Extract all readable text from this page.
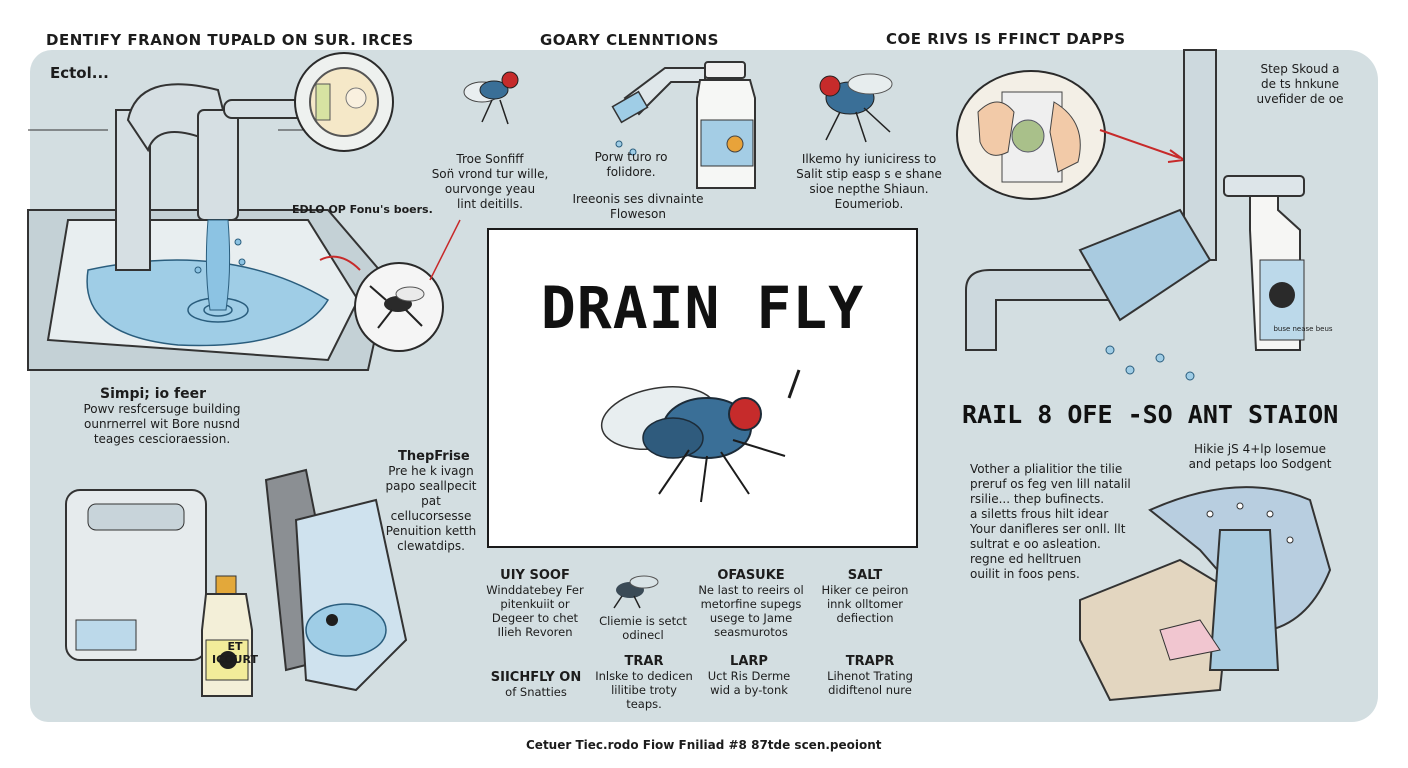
DENTIFY FRANON TUPALD ON SUR. IRCES	GOARY CLENNTIONS	COE RIVS IS FFINCT DAPPS
Ectol...
buse nease beus
Troe Sonfiff
Son̈ vrond tur wille,
ourvonge yeau
lint deitills.
EDLO OP Fonu's boers.
Porw turo ro
folidore.
Ireeonis ses divnainte
Floweson
Ilkemo hy iuniciress to
Salit stip easp s e shane
sioe nepthe Shiaun.
Eoumeriob.
Step Skoud a
de ts hnkune
uvefider de oe
Simpi; io feer
Powv resfcersuge building
ounrnerrel wit Bore nusnd
teages cescioraession.
ThepFrise
Pre he k ivagn
papo seallpecit pat
cellucorsesse
Penuition ketth
clewatdips.
DRAIN FLY
RAIL 8 OFE -SO ANT STAION
Hikie jS 4+lp losemue
and petaps loo Sodgent
Vother a plialitior the tilie
preruf os feg ven lill natalil
rsilie... thep bufinects.
a siletts frous hilt idear
Your danifleres ser onll. llt
sultrat e oo asleation.
regne ed helltruen
ouilit in foos pens.
ET ICOURT
UIY SOOF
Winddatebey Fer
pitenkuiit or
Degeer to chet
Ilieh Revoren
Cliemie is setct
odinecl
OFASUKE
Ne last to reeirs ol
metorfine supegs
usege to Jame
seasmurotos
SALT
Hiker ce peiron
innk olltomer
defiection
SIICHFLY ON
of Snatties
TRAR
Inlske to dedicen
lilitibe troty
teaps.
LARP
Uct Ris Derme
wid a by-tonk
TRAPR
Lihenot Trating
didiftenol nure
Cetuer Tiec.rodo Fiow Fniliad #8 87tde scen.peoiont
